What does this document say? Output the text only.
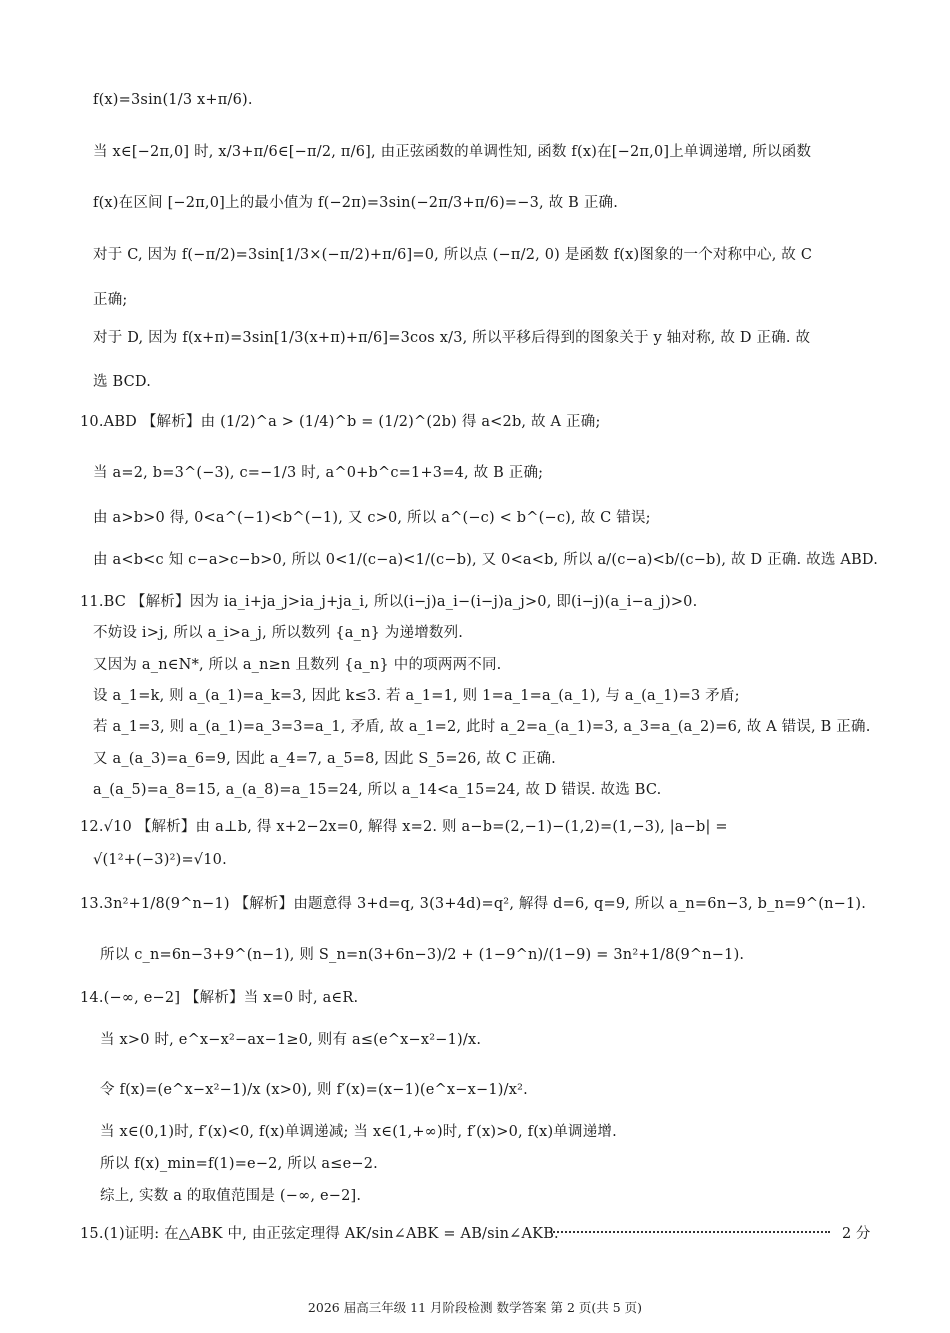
f(x)=3sin(1/3 x+π/6).
当 x∈[−2π,0] 时, x/3+π/6∈[−π/2, π/6], 由正弦函数的单调性知, 函数 f(x)在[−2π,0]上单调递增, 所以函数
f(x)在区间 [−2π,0]上的最小值为 f(−2π)=3sin(−2π/3+π/6)=−3, 故 B 正确.
对于 C, 因为 f(−π/2)=3sin[1/3×(−π/2)+π/6]=0, 所以点 (−π/2, 0) 是函数 f(x)图象的一个对称中心, 故 C
正确;
对于 D, 因为 f(x+π)=3sin[1/3(x+π)+π/6]=3cos x/3, 所以平移后得到的图象关于 y 轴对称, 故 D 正确. 故
选 BCD.
10.ABD 【解析】由 (1/2)^a > (1/4)^b = (1/2)^(2b) 得 a<2b, 故 A 正确;
当 a=2, b=3^(−3), c=−1/3 时, a^0+b^c=1+3=4, 故 B 正确;
由 a>b>0 得, 0<a^(−1)<b^(−1), 又 c>0, 所以 a^(−c) < b^(−c), 故 C 错误;
由 a<b<c 知 c−a>c−b>0, 所以 0<1/(c−a)<1/(c−b), 又 0<a<b, 所以 a/(c−a)<b/(c−b), 故 D 正确. 故选 ABD.
11.BC 【解析】因为 ia_i+ja_j>ia_j+ja_i, 所以(i−j)a_i−(i−j)a_j>0, 即(i−j)(a_i−a_j)>0.
不妨设 i>j, 所以 a_i>a_j, 所以数列 {a_n} 为递增数列.
又因为 a_n∈N*, 所以 a_n≥n 且数列 {a_n} 中的项两两不同.
设 a_1=k, 则 a_(a_1)=a_k=3, 因此 k≤3. 若 a_1=1, 则 1=a_1=a_(a_1), 与 a_(a_1)=3 矛盾;
若 a_1=3, 则 a_(a_1)=a_3=3=a_1, 矛盾, 故 a_1=2, 此时 a_2=a_(a_1)=3, a_3=a_(a_2)=6, 故 A 错误, B 正确.
又 a_(a_3)=a_6=9, 因此 a_4=7, a_5=8, 因此 S_5=26, 故 C 正确.
a_(a_5)=a_8=15, a_(a_8)=a_15=24, 所以 a_14<a_15=24, 故 D 错误. 故选 BC.
12.√10 【解析】由 a⊥b, 得 x+2−2x=0, 解得 x=2. 则 a−b=(2,−1)−(1,2)=(1,−3), |a−b| =
√(1²+(−3)²)=√10.
13.3n²+1/8(9^n−1) 【解析】由题意得 3+d=q, 3(3+4d)=q², 解得 d=6, q=9, 所以 a_n=6n−3, b_n=9^(n−1).
所以 c_n=6n−3+9^(n−1), 则 S_n=n(3+6n−3)/2 + (1−9^n)/(1−9) = 3n²+1/8(9^n−1).
14.(−∞, e−2] 【解析】当 x=0 时, a∈R.
当 x>0 时, e^x−x²−ax−1≥0, 则有 a≤(e^x−x²−1)/x.
令 f(x)=(e^x−x²−1)/x (x>0), 则 f′(x)=(x−1)(e^x−x−1)/x².
当 x∈(0,1)时, f′(x)<0, f(x)单调递减; 当 x∈(1,+∞)时, f′(x)>0, f(x)单调递增.
所以 f(x)_min=f(1)=e−2, 所以 a≤e−2.
综上, 实数 a 的取值范围是 (−∞, e−2].
15.(1)证明: 在△ABK 中, 由正弦定理得 AK/sin∠ABK = AB/sin∠AKB.	2 分
2026 届高三年级 11 月阶段检测 数学答案 第 2 页(共 5 页)
